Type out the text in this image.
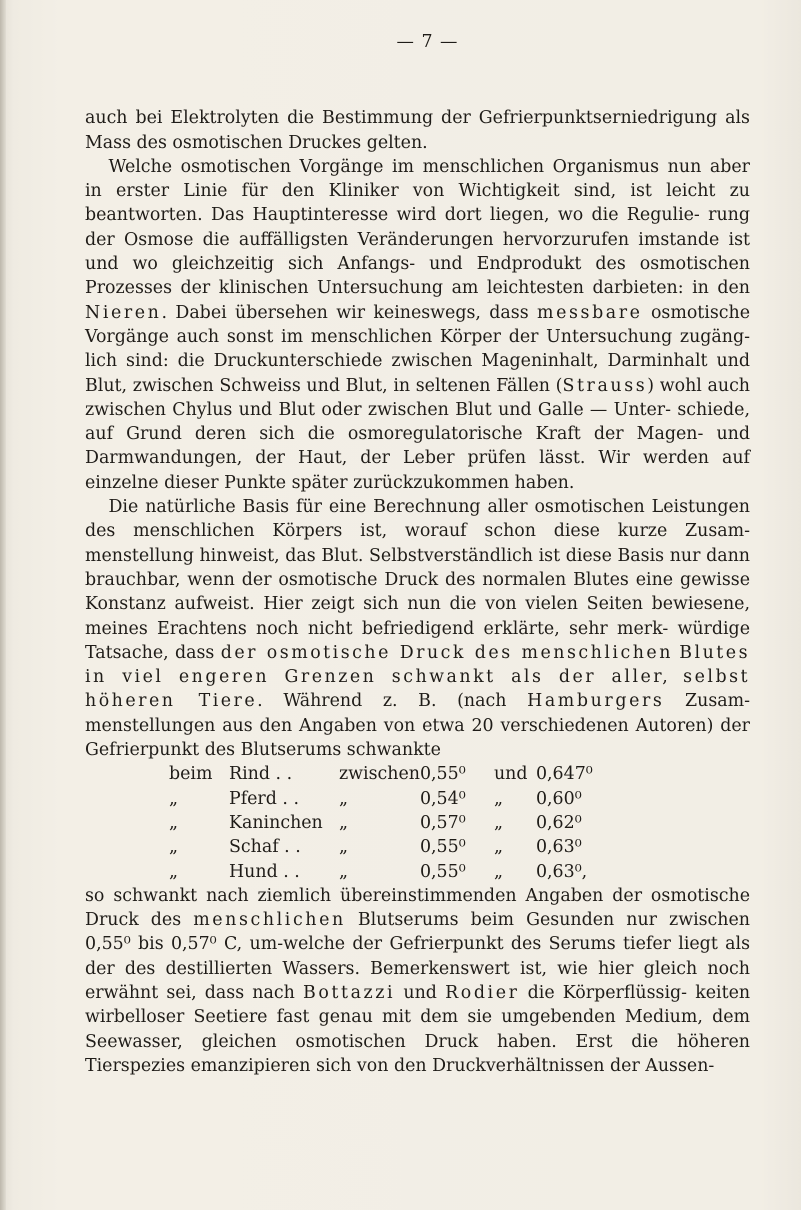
— 7 —

auch bei Elektrolyten die Bestimmung der Gefrierpunktserniedrigung als Mass des osmotischen Druckes gelten.

Welche osmotischen Vorgänge im menschlichen Organismus nun aber in erster Linie für den Kliniker von Wichtigkeit sind, ist leicht zu beantworten. Das Hauptinteresse wird dort liegen, wo die Regulie- rung der Osmose die auffälligsten Veränderungen hervorzurufen imstande ist und wo gleichzeitig sich Anfangs- und Endprodukt des osmotischen Prozesses der klinischen Untersuchung am leichtesten darbieten: in den Nieren. Dabei übersehen wir keineswegs, dass messbare osmotische Vorgänge auch sonst im menschlichen Körper der Untersuchung zugäng- lich sind: die Druckunterschiede zwischen Mageninhalt, Darminhalt und Blut, zwischen Schweiss und Blut, in seltenen Fällen (Strauss) wohl auch zwischen Chylus und Blut oder zwischen Blut und Galle — Unter- schiede, auf Grund deren sich die osmoregulatorische Kraft der Magen- und Darmwandungen, der Haut, der Leber prüfen lässt. Wir werden auf einzelne dieser Punkte später zurückzukommen haben.

Die natürliche Basis für eine Berechnung aller osmotischen Leistungen des menschlichen Körpers ist, worauf schon diese kurze Zusam- menstellung hinweist, das Blut. Selbstverständlich ist diese Basis nur dann brauchbar, wenn der osmotische Druck des normalen Blutes eine gewisse Konstanz aufweist. Hier zeigt sich nun die von vielen Seiten bewiesene, meines Erachtens noch nicht befriedigend erklärte, sehr merk- würdige Tatsache, dass der osmotische Druck des menschlichen Blutes in viel engeren Grenzen schwankt als der aller, selbst höheren Tiere. Während z. B. (nach Hamburgers Zusam- menstellungen aus den Angaben von etwa 20 verschiedenen Autoren) der Gefrierpunkt des Blutserums schwankte

beim	Rind . .	zwischen	0,55⁰	und	0,647⁰
„	Pferd . .	„	0,54⁰	„	0,60⁰
„	Kaninchen	„	0,57⁰	„	0,62⁰
„	Schaf . .	„	0,55⁰	„	0,63⁰
„	Hund . .	„	0,55⁰	„	0,63⁰,

so schwankt nach ziemlich übereinstimmenden Angaben der osmotische Druck des menschlichen Blutserums beim Gesunden nur zwischen 0,55⁰ bis 0,57⁰ C, um-welche der Gefrierpunkt des Serums tiefer liegt als der des destillierten Wassers. Bemerkenswert ist, wie hier gleich noch erwähnt sei, dass nach Bottazzi und Rodier die Körperflüssig- keiten wirbelloser Seetiere fast genau mit dem sie umgebenden Medium, dem Seewasser, gleichen osmotischen Druck haben. Erst die höheren Tierspezies emanzipieren sich von den Druckverhältnissen der Aussen-
